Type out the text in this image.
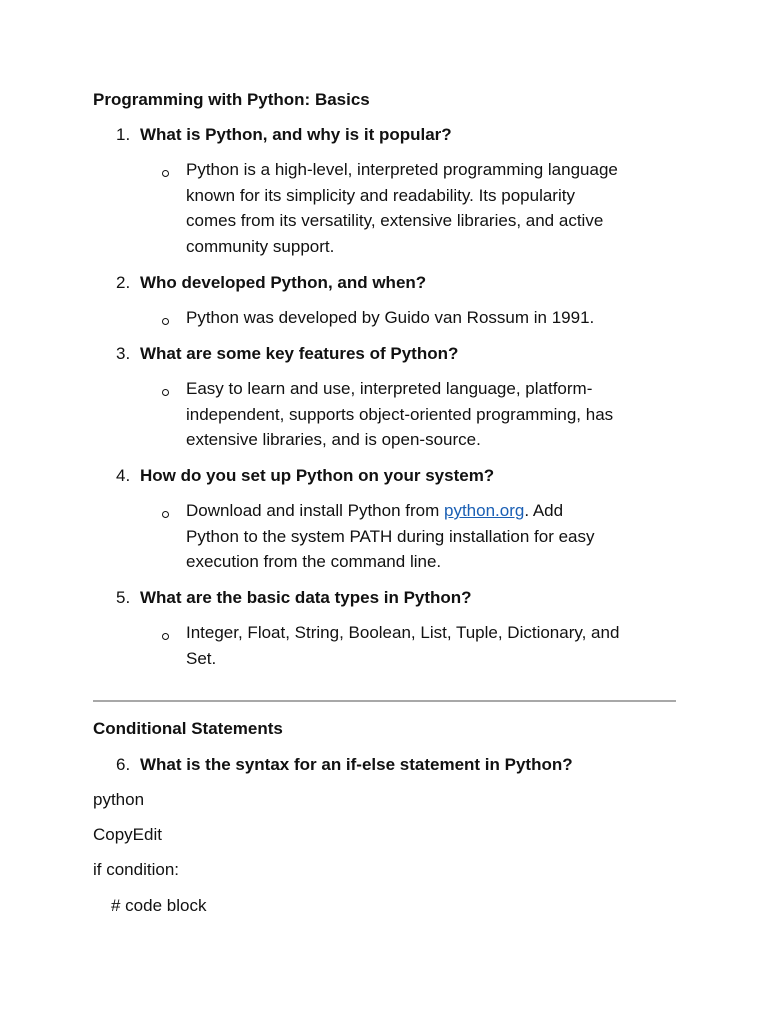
Programming with Python: Basics
1. What is Python, and why is it popular?
Python is a high-level, interpreted programming language
known for its simplicity and readability. Its popularity
comes from its versatility, extensive libraries, and active
community support.
2. Who developed Python, and when?
Python was developed by Guido van Rossum in 1991.
3. What are some key features of Python?
Easy to learn and use, interpreted language, platform-
independent, supports object-oriented programming, has
extensive libraries, and is open-source.
4. How do you set up Python on your system?
Download and install Python from python.org. Add
Python to the system PATH during installation for easy
execution from the command line.
5. What are the basic data types in Python?
Integer, Float, String, Boolean, List, Tuple, Dictionary, and
Set.
Conditional Statements
6. What is the syntax for an if-else statement in Python?
python
CopyEdit
if condition:
# code block
